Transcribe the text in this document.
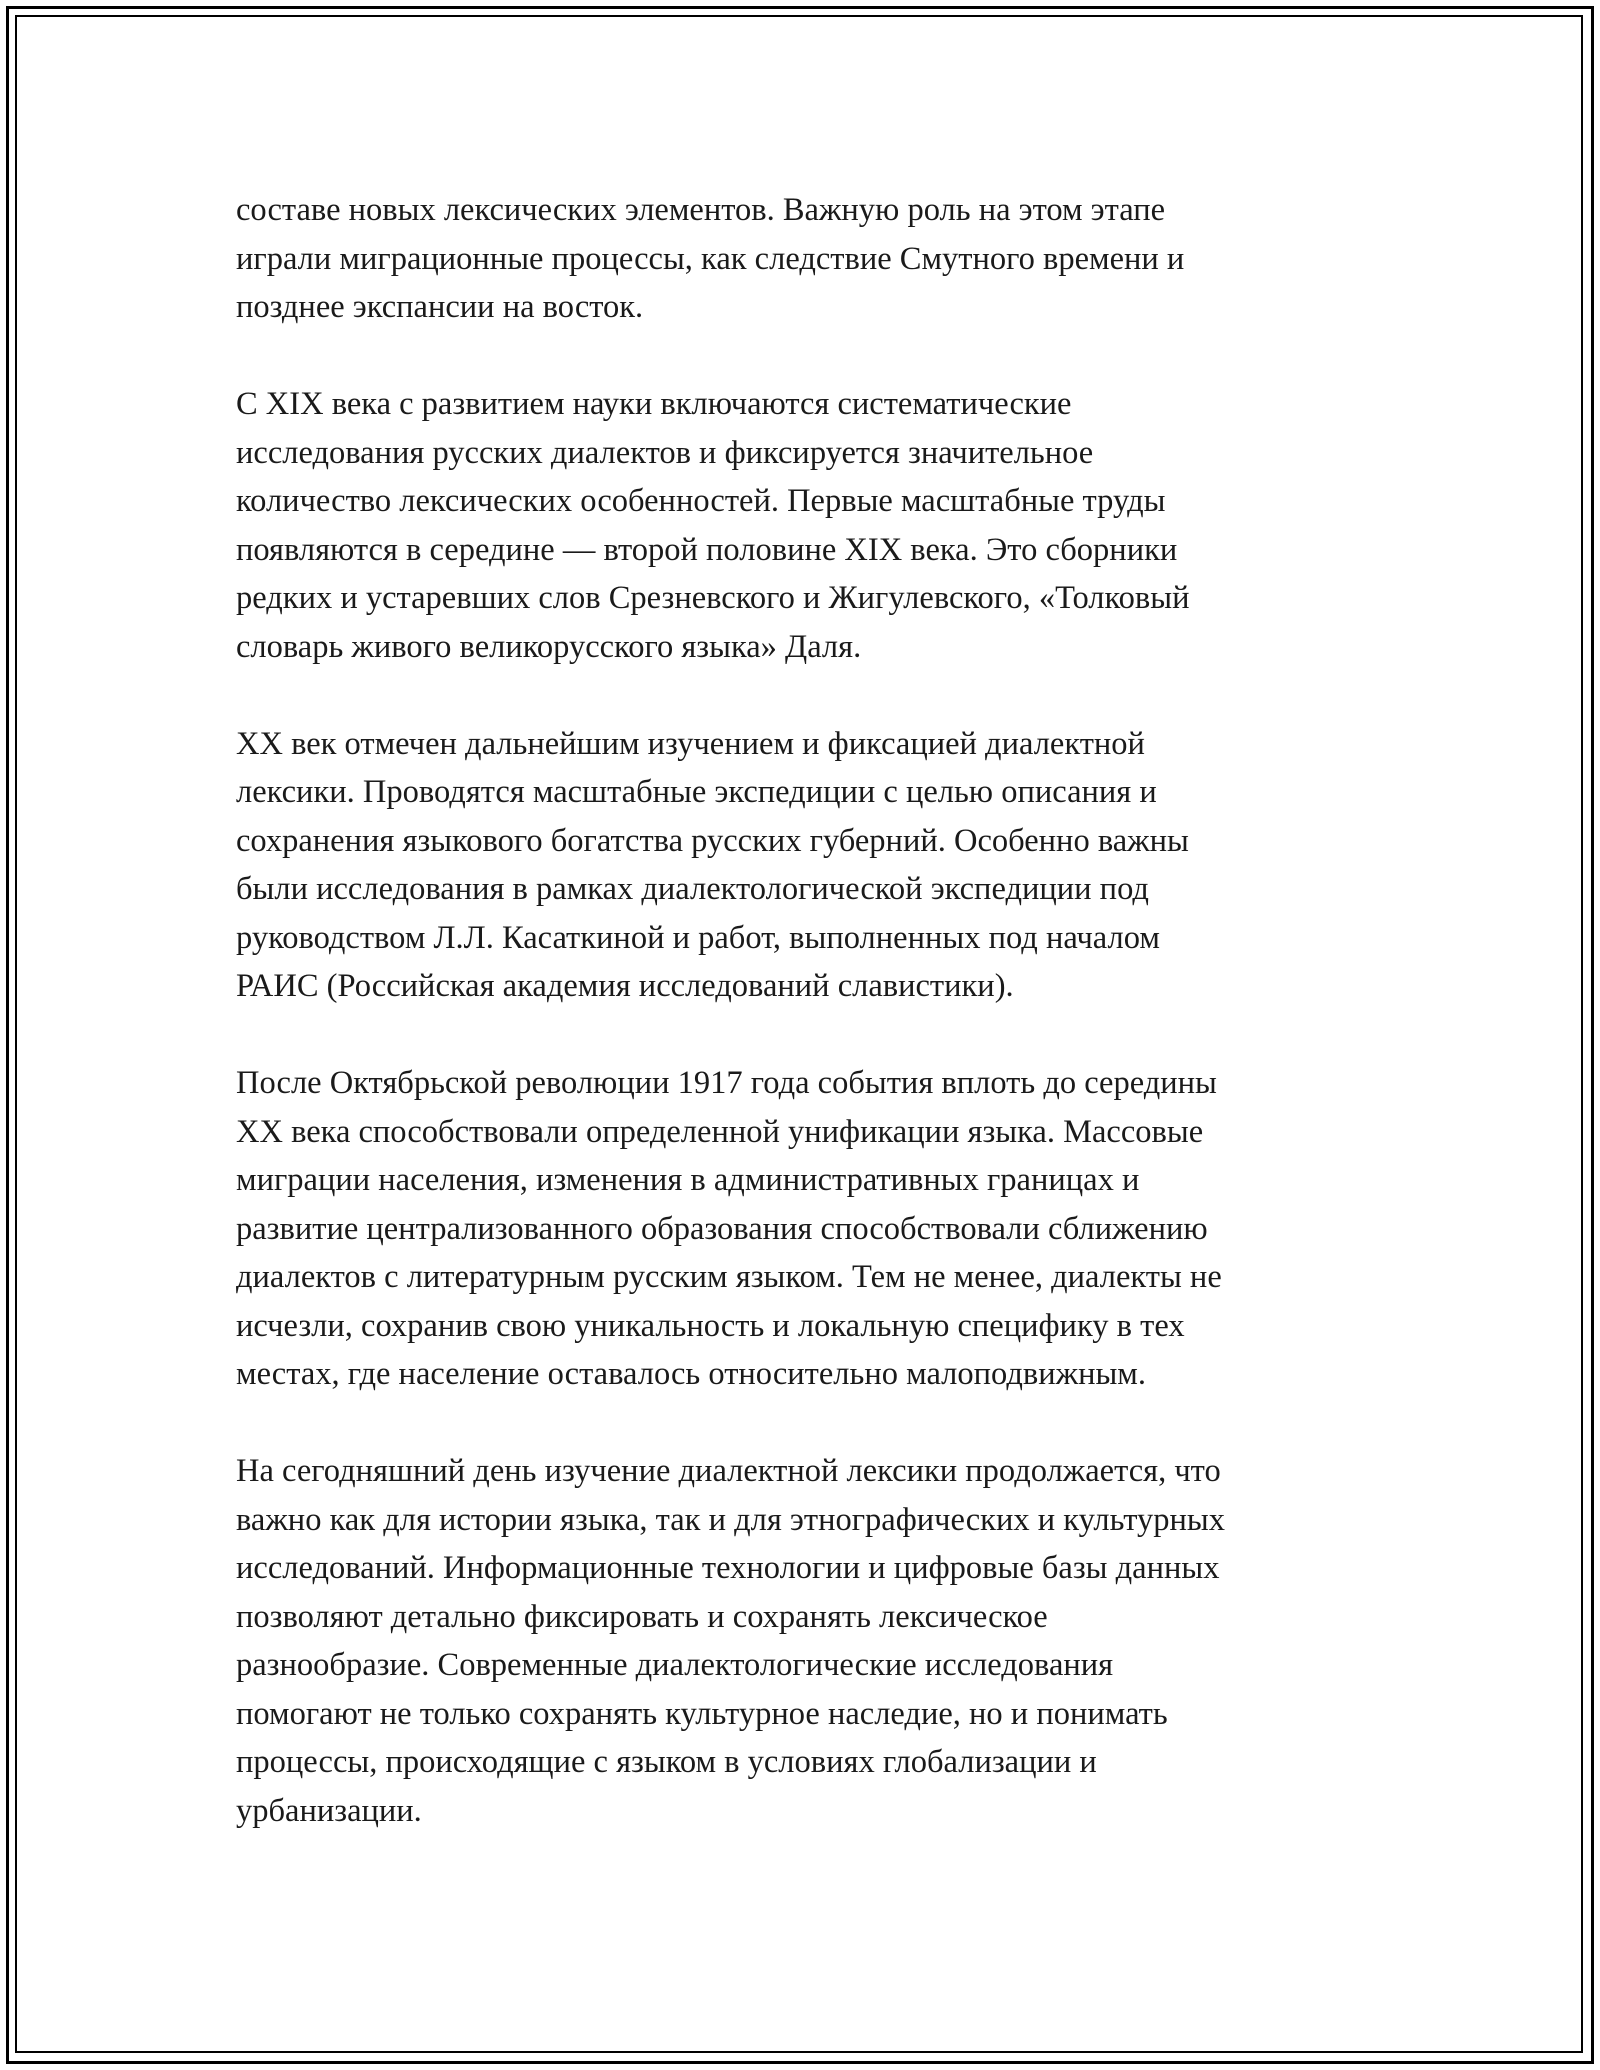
составе новых лексических элементов. Важную роль на этом этапе
играли миграционные процессы, как следствие Смутного времени и
позднее экспансии на восток.

С XIX века с развитием науки включаются систематические
исследования русских диалектов и фиксируется значительное
количество лексических особенностей. Первые масштабные труды
появляются в середине — второй половине XIX века. Это сборники
редких и устаревших слов Срезневского и Жигулевского, «Толковый
словарь живого великорусского языка» Даля.

XX век отмечен дальнейшим изучением и фиксацией диалектной
лексики. Проводятся масштабные экспедиции с целью описания и
сохранения языкового богатства русских губерний. Особенно важны
были исследования в рамках диалектологической экспедиции под
руководством Л.Л. Касаткиной и работ, выполненных под началом
РАИС (Российская академия исследований славистики).

После Октябрьской революции 1917 года события вплоть до середины
XX века способствовали определенной унификации языка. Массовые
миграции населения, изменения в административных границах и
развитие централизованного образования способствовали сближению
диалектов с литературным русским языком. Тем не менее, диалекты не
исчезли, сохранив свою уникальность и локальную специфику в тех
местах, где население оставалось относительно малоподвижным.

На сегодняшний день изучение диалектной лексики продолжается, что
важно как для истории языка, так и для этнографических и культурных
исследований. Информационные технологии и цифровые базы данных
позволяют детально фиксировать и сохранять лексическое
разнообразие. Современные диалектологические исследования
помогают не только сохранять культурное наследие, но и понимать
процессы, происходящие с языком в условиях глобализации и
урбанизации.
